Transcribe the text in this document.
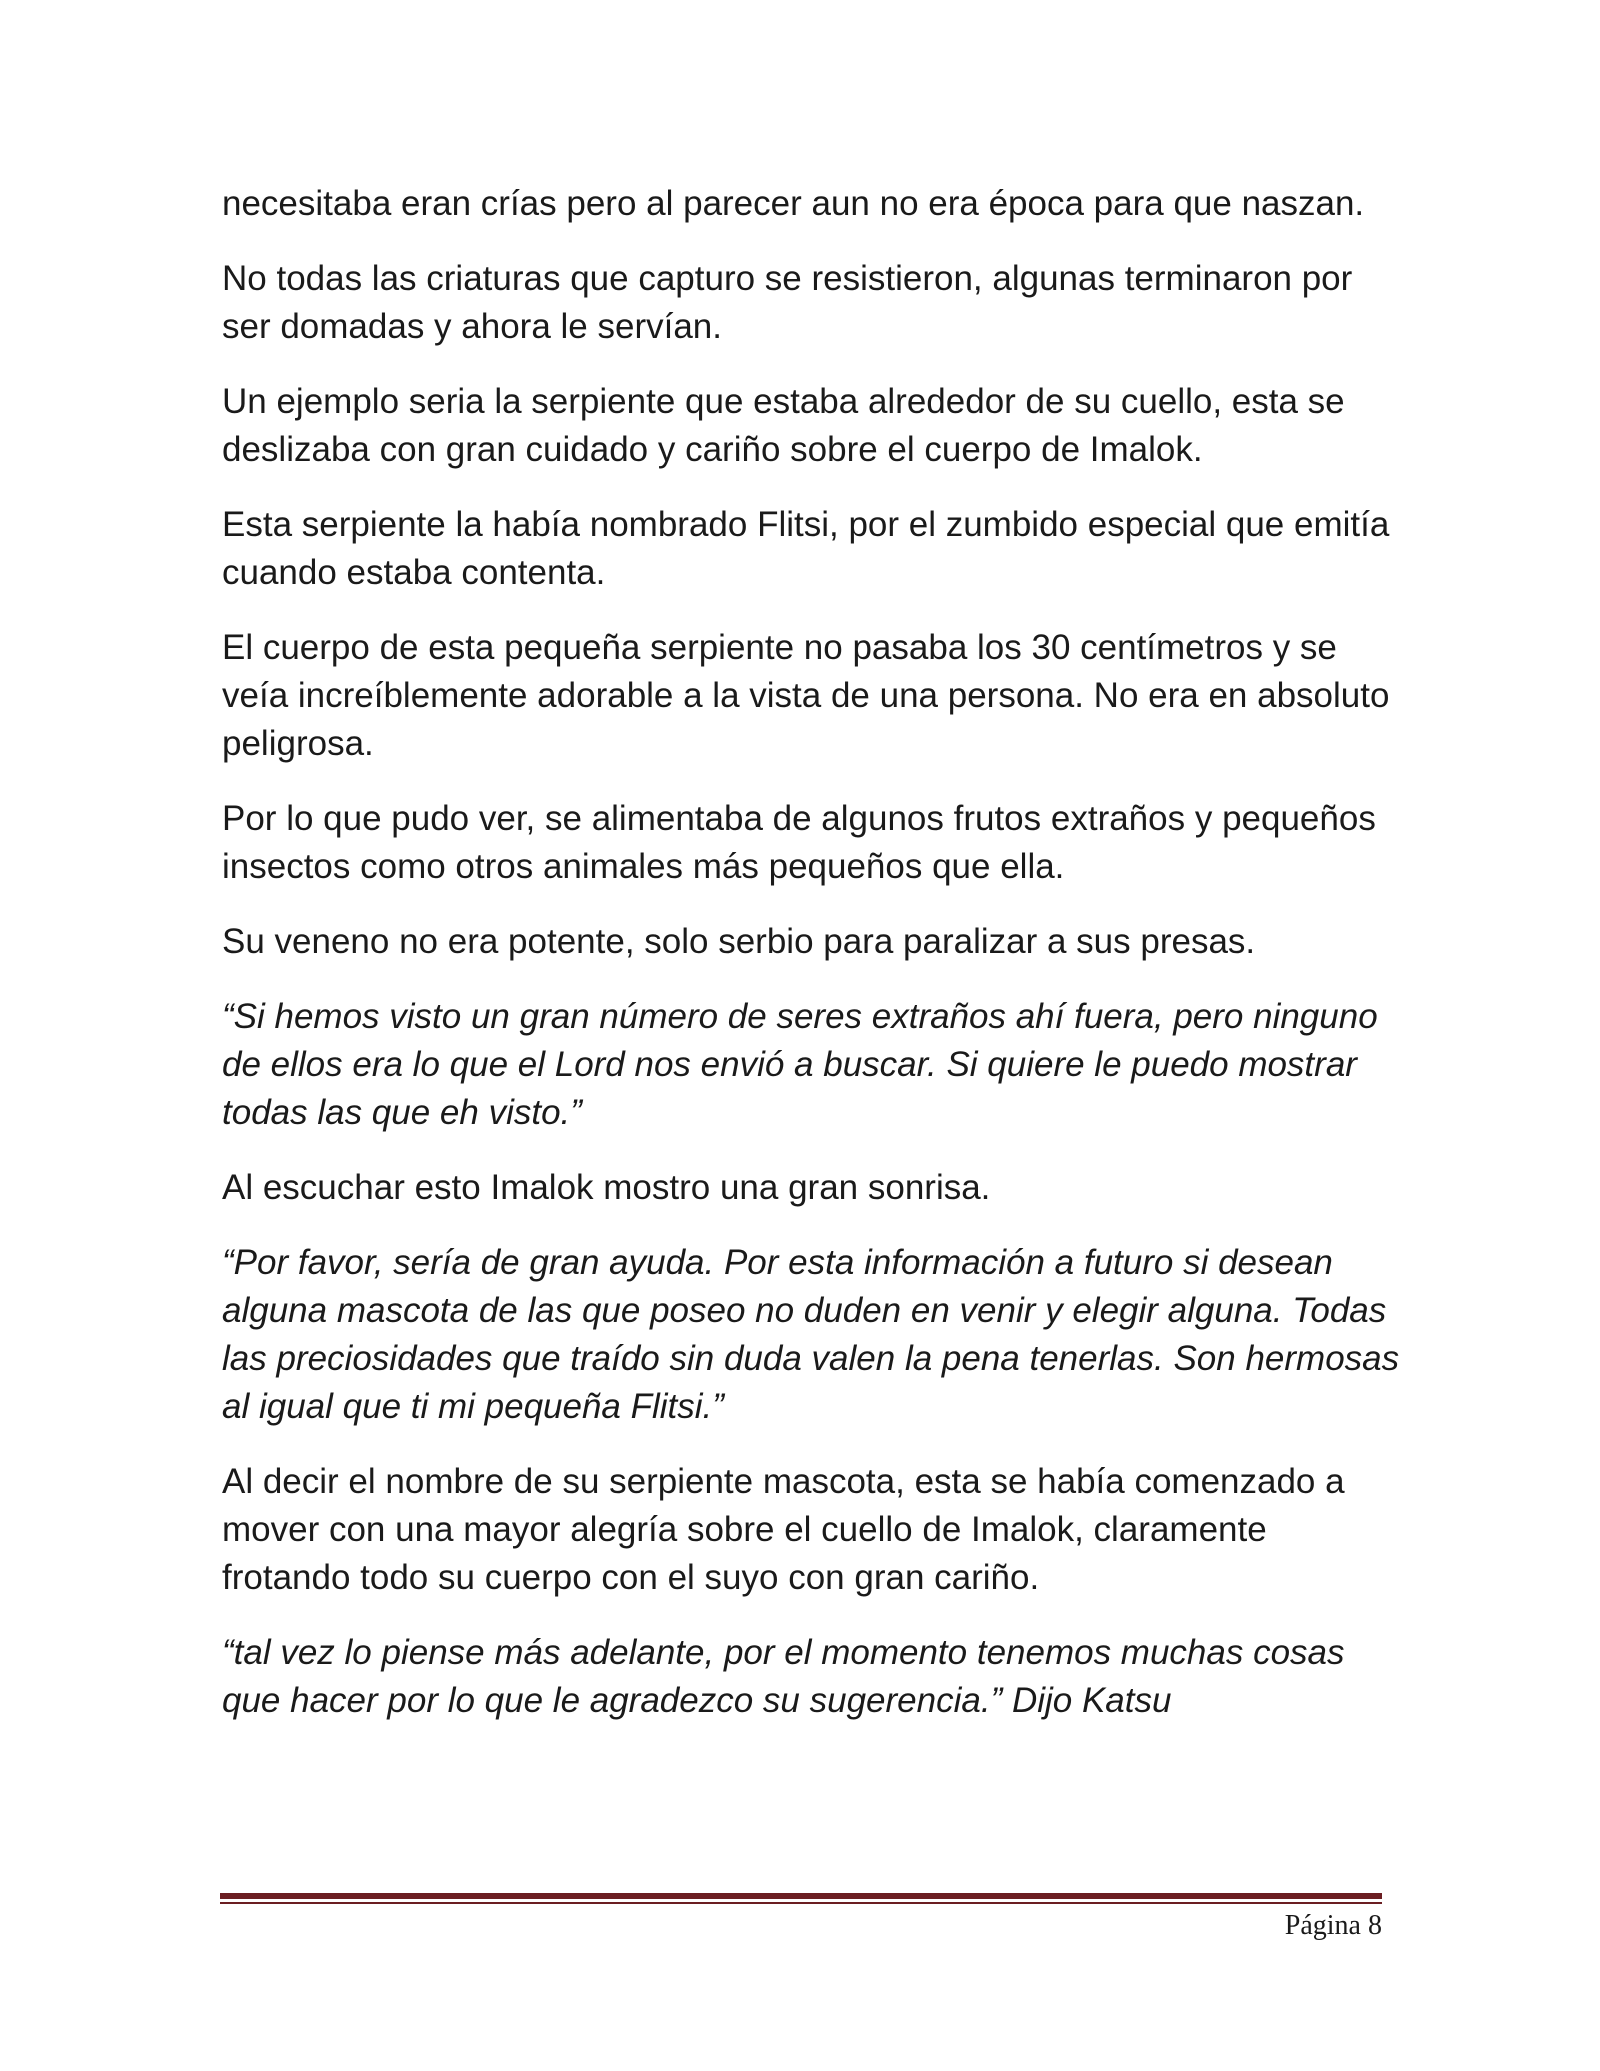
necesitaba eran crías pero al parecer aun no era época para que naszan.

No todas las criaturas que capturo se resistieron, algunas terminaron por ser domadas y ahora le servían.

Un ejemplo seria la serpiente que estaba alrededor de su cuello, esta se deslizaba con gran cuidado y cariño sobre el cuerpo de Imalok.

Esta serpiente la había nombrado Flitsi, por el zumbido especial que emitía cuando estaba contenta.

El cuerpo de esta pequeña serpiente no pasaba los 30 centímetros y se veía increíblemente adorable a la vista de una persona. No era en absoluto peligrosa.

Por lo que pudo ver, se alimentaba de algunos frutos extraños y pequeños insectos como otros animales más pequeños que ella.

Su veneno no era potente, solo serbio para paralizar a sus presas.

“Si hemos visto un gran número de seres extraños ahí fuera, pero ninguno de ellos era lo que el Lord nos envió a buscar. Si quiere le puedo mostrar todas las que eh visto.”

Al escuchar esto Imalok mostro una gran sonrisa.

“Por favor, sería de gran ayuda. Por esta información a futuro si desean alguna mascota de las que poseo no duden en venir y elegir alguna. Todas las preciosidades que traído sin duda valen la pena tenerlas. Son hermosas al igual que ti mi pequeña Flitsi.”

Al decir el nombre de su serpiente mascota, esta se había comenzado a mover con una mayor alegría sobre el cuello de Imalok, claramente frotando todo su cuerpo con el suyo con gran cariño.

“tal vez lo piense más adelante, por el momento tenemos muchas cosas que hacer por lo que le agradezco su sugerencia.” Dijo Katsu

Página 8
